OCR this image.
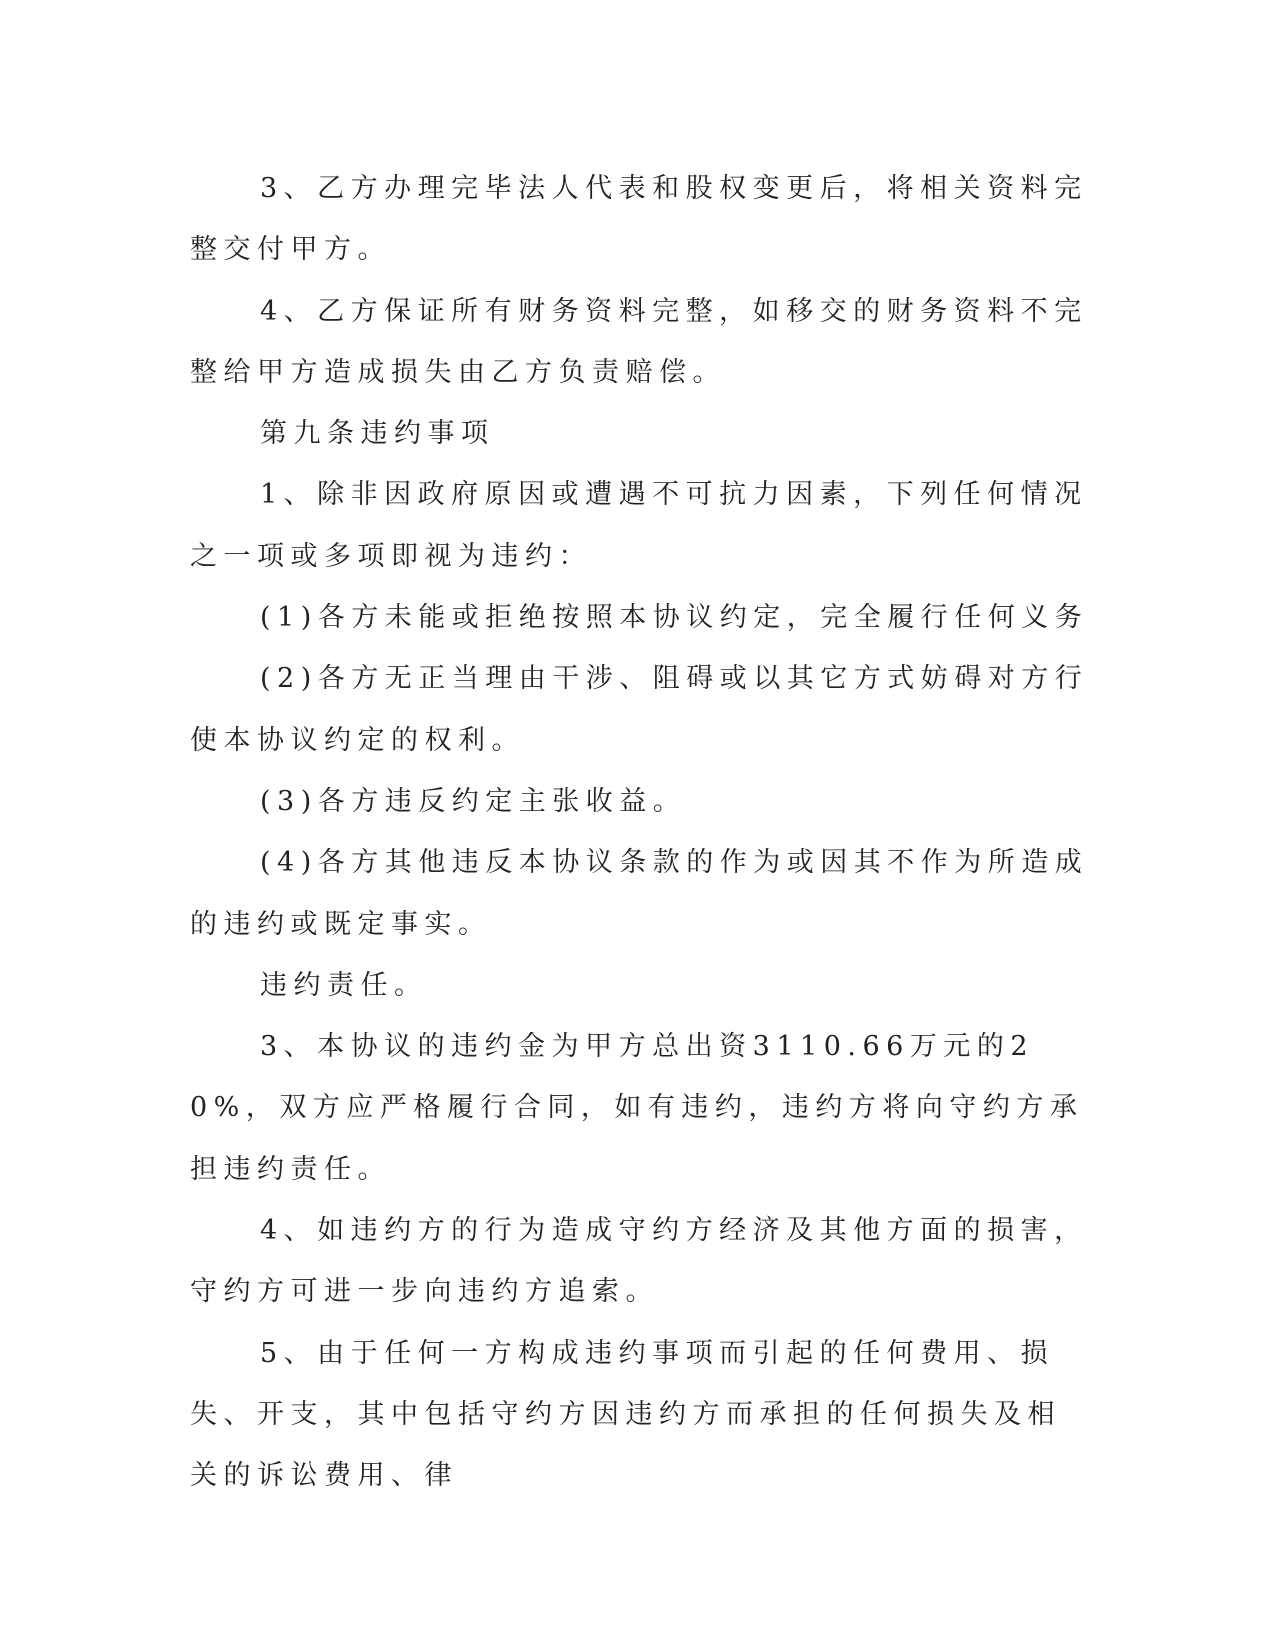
3、乙方办理完毕法人代表和股权变更后，将相关资料完整交付甲方。

4、乙方保证所有财务资料完整，如移交的财务资料不完整给甲方造成损失由乙方负责赔偿。

第九条违约事项

1、除非因政府原因或遭遇不可抗力因素，下列任何情况之一项或多项即视为违约：

(1)各方未能或拒绝按照本协议约定，完全履行任何义务

(2)各方无正当理由干涉、阻碍或以其它方式妨碍对方行使本协议约定的权利。

(3)各方违反约定主张收益。

(4)各方其他违反本协议条款的作为或因其不作为所造成的违约或既定事实。

违约责任。

3、本协议的违约金为甲方总出资3110.66万元的20%，双方应严格履行合同，如有违约，违约方将向守约方承担违约责任。

4、如违约方的行为造成守约方经济及其他方面的损害，守约方可进一步向违约方追索。

5、由于任何一方构成违约事项而引起的任何费用、损失、开支，其中包括守约方因违约方而承担的任何损失及相关的诉讼费用、律
